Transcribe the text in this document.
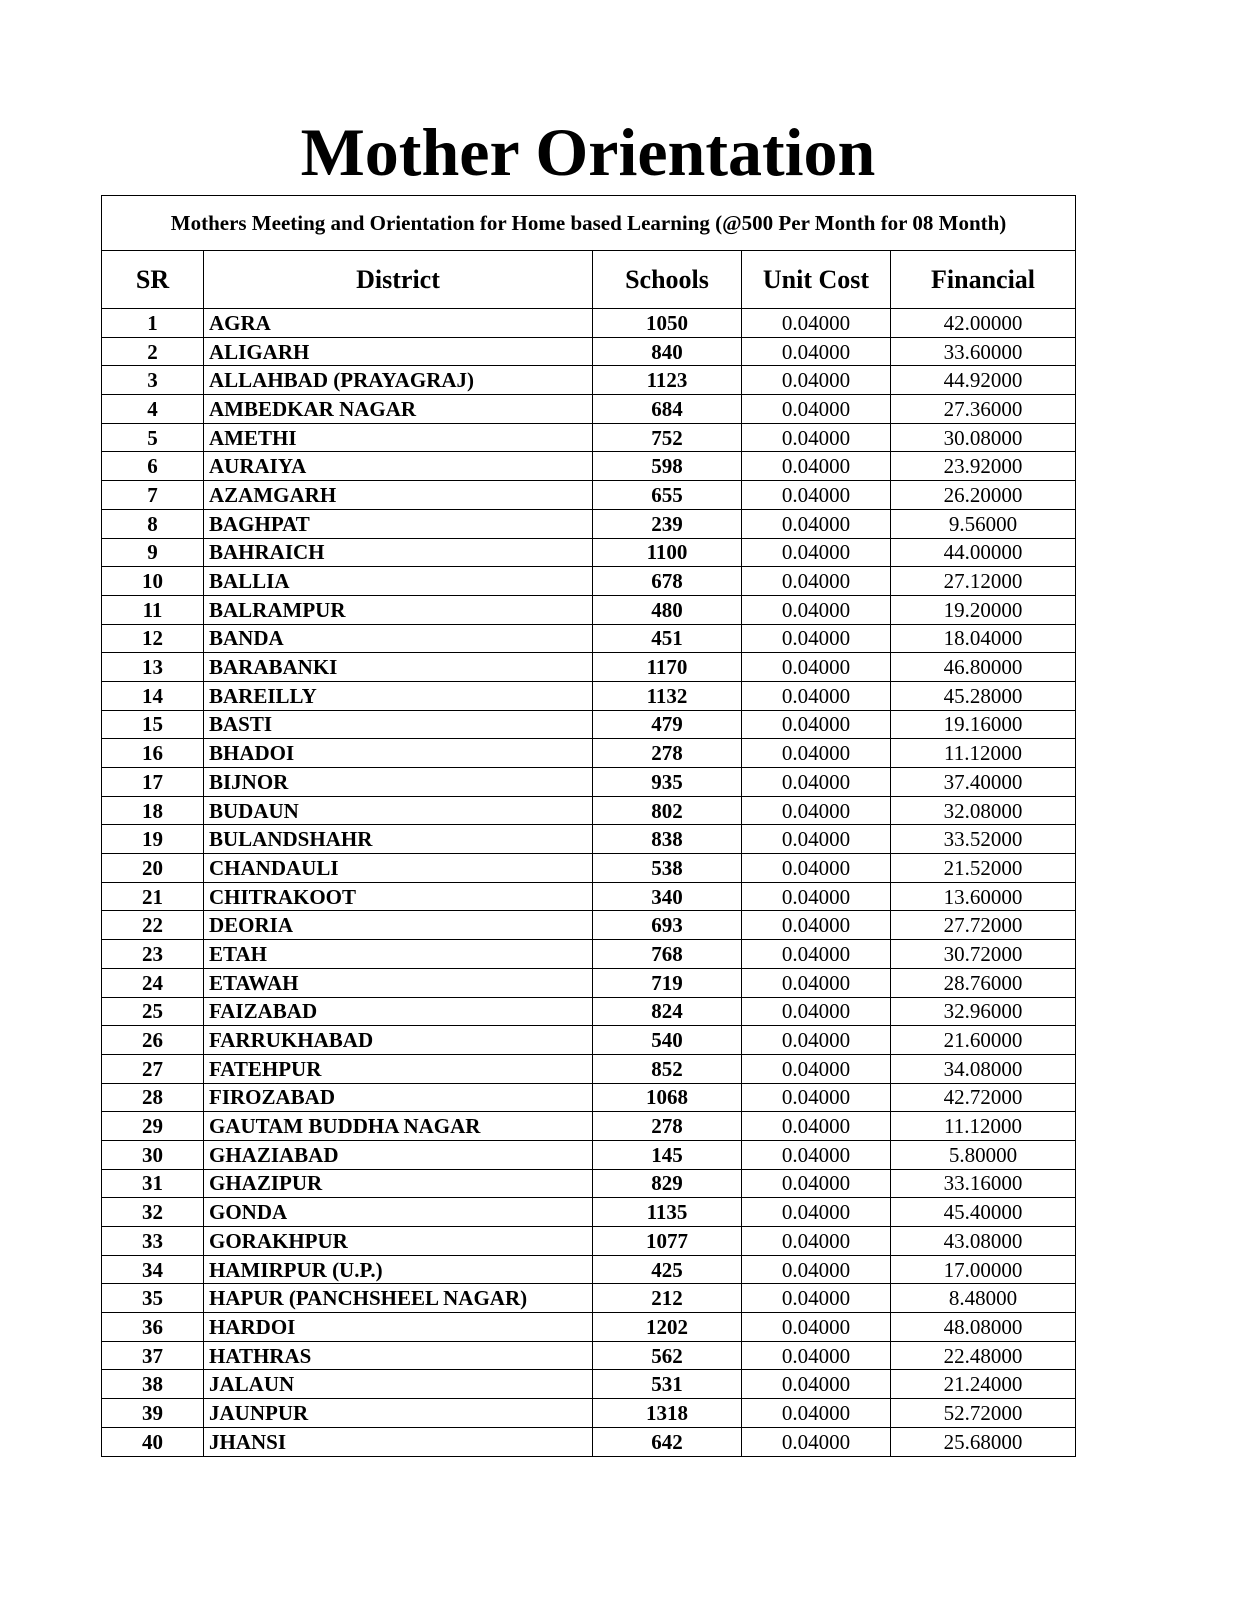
Mother Orientation
Mothers Meeting and Orientation for Home based Learning (@500 Per Month for 08 Month)				
SR	District	Schools	Unit Cost	Financial
1	AGRA	1050	0.04000	42.00000
2	ALIGARH	840	0.04000	33.60000
3	ALLAHBAD (PRAYAGRAJ)	1123	0.04000	44.92000
4	AMBEDKAR NAGAR	684	0.04000	27.36000
5	AMETHI	752	0.04000	30.08000
6	AURAIYA	598	0.04000	23.92000
7	AZAMGARH	655	0.04000	26.20000
8	BAGHPAT	239	0.04000	9.56000
9	BAHRAICH	1100	0.04000	44.00000
10	BALLIA	678	0.04000	27.12000
11	BALRAMPUR	480	0.04000	19.20000
12	BANDA	451	0.04000	18.04000
13	BARABANKI	1170	0.04000	46.80000
14	BAREILLY	1132	0.04000	45.28000
15	BASTI	479	0.04000	19.16000
16	BHADOI	278	0.04000	11.12000
17	BIJNOR	935	0.04000	37.40000
18	BUDAUN	802	0.04000	32.08000
19	BULANDSHAHR	838	0.04000	33.52000
20	CHANDAULI	538	0.04000	21.52000
21	CHITRAKOOT	340	0.04000	13.60000
22	DEORIA	693	0.04000	27.72000
23	ETAH	768	0.04000	30.72000
24	ETAWAH	719	0.04000	28.76000
25	FAIZABAD	824	0.04000	32.96000
26	FARRUKHABAD	540	0.04000	21.60000
27	FATEHPUR	852	0.04000	34.08000
28	FIROZABAD	1068	0.04000	42.72000
29	GAUTAM BUDDHA NAGAR	278	0.04000	11.12000
30	GHAZIABAD	145	0.04000	5.80000
31	GHAZIPUR	829	0.04000	33.16000
32	GONDA	1135	0.04000	45.40000
33	GORAKHPUR	1077	0.04000	43.08000
34	HAMIRPUR (U.P.)	425	0.04000	17.00000
35	HAPUR (PANCHSHEEL NAGAR)	212	0.04000	8.48000
36	HARDOI	1202	0.04000	48.08000
37	HATHRAS	562	0.04000	22.48000
38	JALAUN	531	0.04000	21.24000
39	JAUNPUR	1318	0.04000	52.72000
40	JHANSI	642	0.04000	25.68000
